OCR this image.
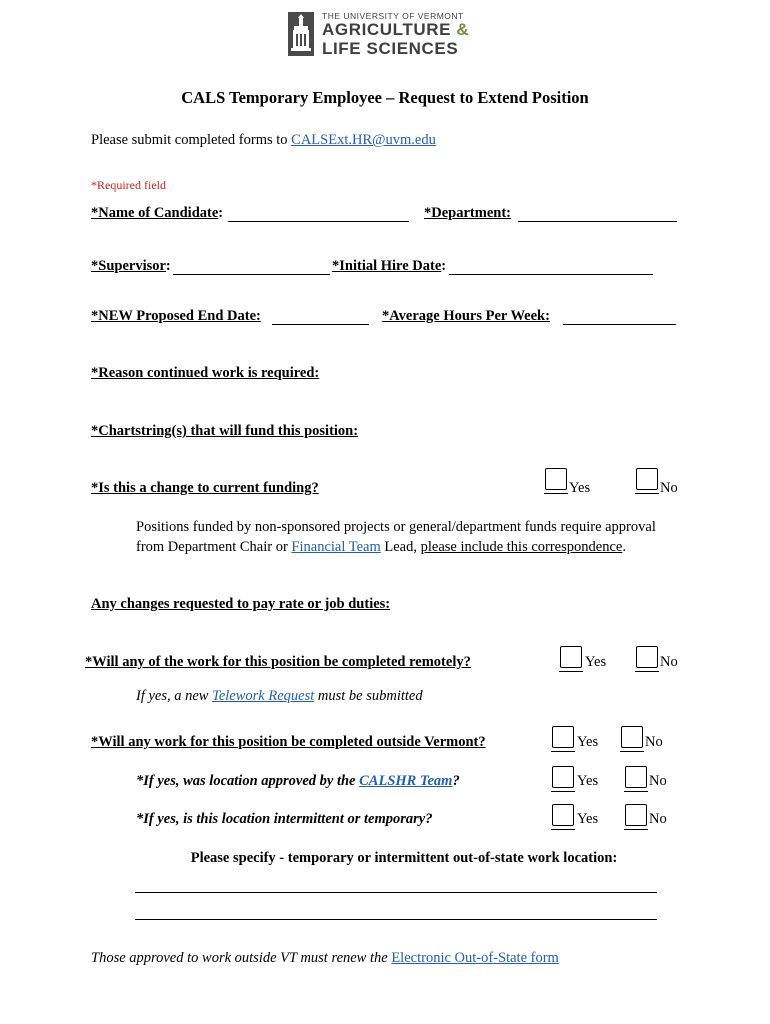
THE UNIVERSITY OF VERMONT
AGRICULTURE &
LIFE SCIENCES
CALS Temporary Employee – Request to Extend Position
Please submit completed forms to CALSExt.HR@uvm.edu
*Required field
*Name of Candidate:	*Department:
*Supervisor:	*Initial Hire Date:
*NEW Proposed End Date:	*Average Hours Per Week:
*Reason continued work is required:
*Chartstring(s) that will fund this position:
*Is this a change to current funding?	Yes	No
Positions funded by non-sponsored projects or general/department funds require approval
from Department Chair or Financial Team Lead, please include this correspondence.
Any changes requested to pay rate or job duties:
*Will any of the work for this position be completed remotely?	Yes	No
If yes, a new Telework Request must be submitted
*Will any work for this position be completed outside Vermont?	Yes	No
*If yes, was location approved by the CALSHR Team?	Yes	No
*If yes, is this location intermittent or temporary?	Yes	No
Please specify - temporary or intermittent out-of-state work location:
Those approved to work outside VT must renew the Electronic Out-of-State form
